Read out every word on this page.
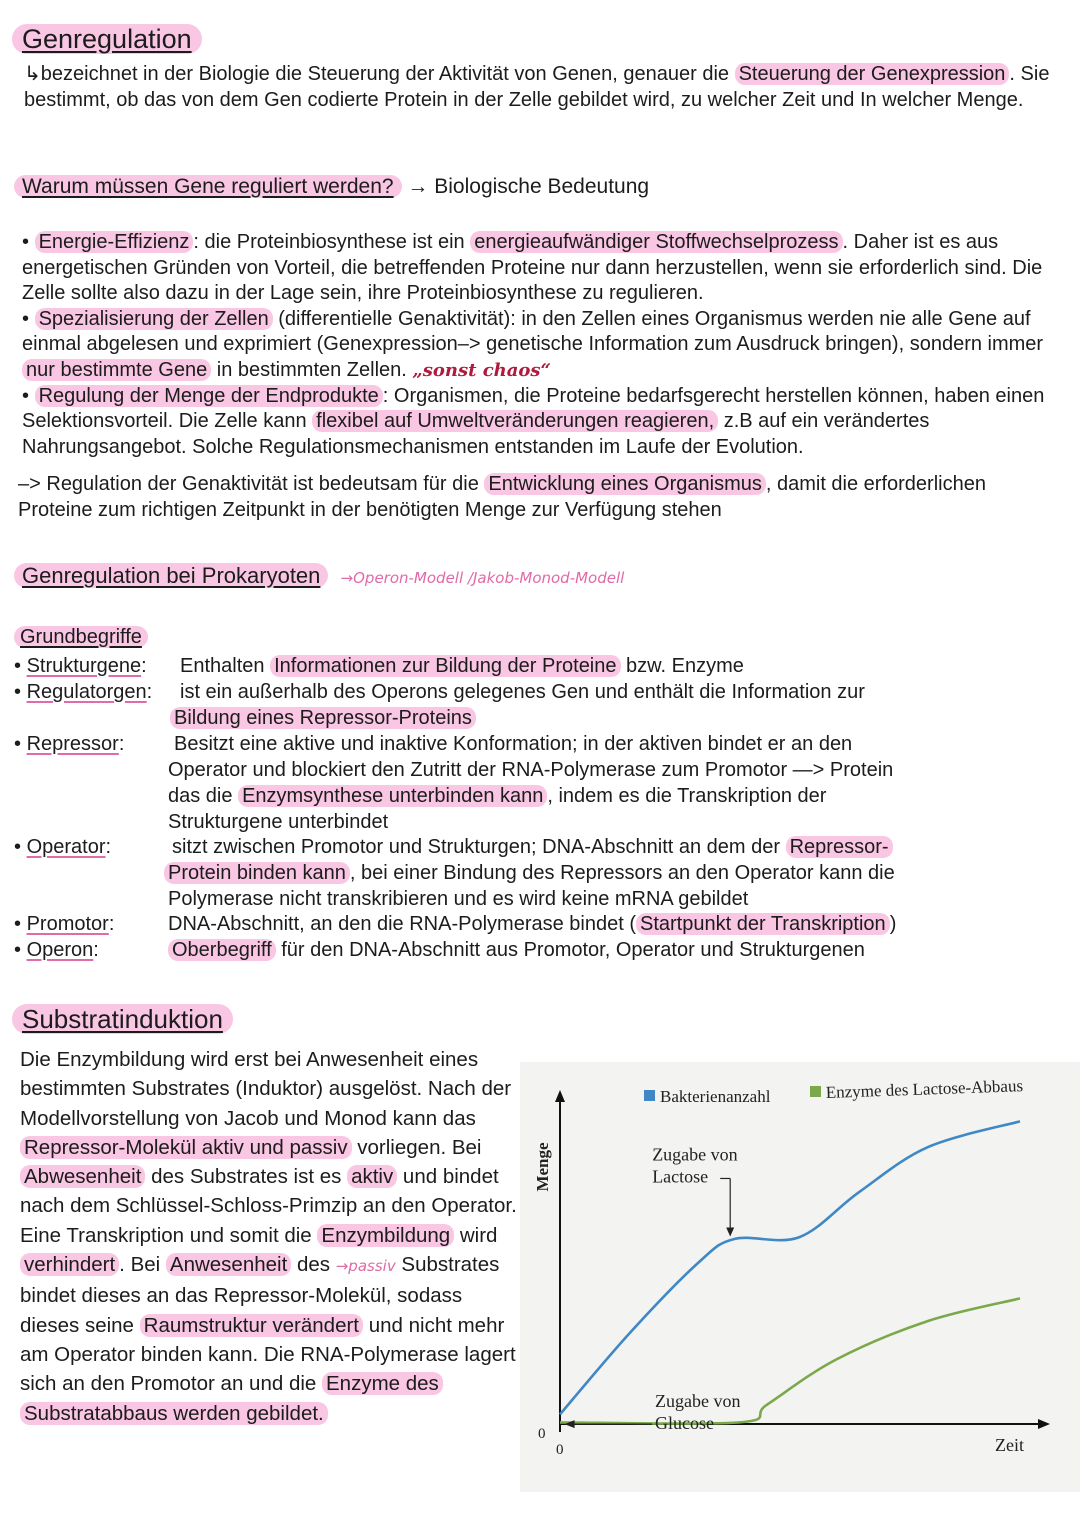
Genregulation
↳bezeichnet in der Biologie die Steuerung der Aktivität von Genen, genauer die Steuerung der Genexpression . Sie bestimmt, ob das von dem Gen codierte Protein in der Zelle gebildet wird, zu welcher Zeit und In welcher Menge.
Warum müssen Gene reguliert werden? → Biologische Bedeutung
• Energie-Effizienz : die Proteinbiosynthese ist ein energieaufwändiger Stoffwechselprozess . Daher ist es aus energetischen Gründen von Vorteil, die betreffenden Proteine nur dann herzustellen, wenn sie erforderlich sind. Die Zelle sollte also dazu in der Lage sein, ihre Proteinbiosynthese zu regulieren.
• Spezialisierung der Zellen (differentielle Genaktivität): in den Zellen eines Organismus werden nie alle Gene auf einmal abgelesen und exprimiert (Genexpression–> genetische Information zum Ausdruck bringen), sondern immer nur bestimmte Gene in bestimmten Zellen. „sonst chaos“
• Regulung der Menge der Endprodukte : Organismen, die Proteine bedarfsgerecht herstellen können, haben einen Selektionsvorteil. Die Zelle kann flexibel auf Umweltveränderungen reagieren, z.B auf ein verändertes Nahrungsangebot. Solche Regulationsmechanismen entstanden im Laufe der Evolution.
–> Regulation der Genaktivität ist bedeutsam für die Entwicklung eines Organismus , damit die erforderlichen Proteine zum richtigen Zeitpunkt in der benötigten Menge zur Verfügung stehen
Genregulation bei Prokaryoten →Operon-Modell /Jakob-Monod-Modell
Grundbegriffe
• Strukturgene: Enthalten Informationen zur Bildung der Proteine bzw. Enzyme
• Regulatorgen: ist ein außerhalb des Operons gelegenes Gen und enthält die Information zur
Bildung eines Repressor-Proteins
• Repressor: Besitzt eine aktive und inaktive Konformation; in der aktiven bindet er an den
Operator und blockiert den Zutritt der RNA-Polymerase zum Promotor —> Protein
das die Enzymsynthese unterbinden kann , indem es die Transkription der
Strukturgene unterbindet
• Operator:	sitzt zwischen Promotor und Strukturgen; DNA-Abschnitt an dem der Repressor-
Protein binden kann , bei einer Bindung des Repressors an den Operator kann die
Polymerase nicht transkribieren und es wird keine mRNA gebildet
• Promotor:	DNA-Abschnitt, an den die RNA-Polymerase bindet ( Startpunkt der Transkription )
• Operon:	Oberbegriff für den DNA-Abschnitt aus Promotor, Operator und Strukturgenen
Substratinduktion
Die Enzymbildung wird erst bei Anwesenheit eines bestimmten Substrates (Induktor) ausgelöst. Nach der Modellvorstellung von Jacob und Monod kann das Repressor-Molekül aktiv und passiv vorliegen. Bei Abwesenheit des Substrates ist es aktiv und bindet nach dem Schlüssel-Schloss-Primzip an den Operator. Eine Transkription und somit die Enzymbildung wird verhindert . Bei Anwesenheit des →passiv Substrates bindet dieses an das Repressor-Molekül, sodass dieses seine Raumstruktur verändert und nicht mehr am Operator binden kann. Die RNA-Polymerase lagert sich an den Promotor an und die Enzyme des Substratabbaus werden gebildet.
Zeit
Menge
0
0
Bakterienanzahl	Enzyme des Lactose-Abbaus
Zugabe von
Lactose
Zugabe von
Glucose
